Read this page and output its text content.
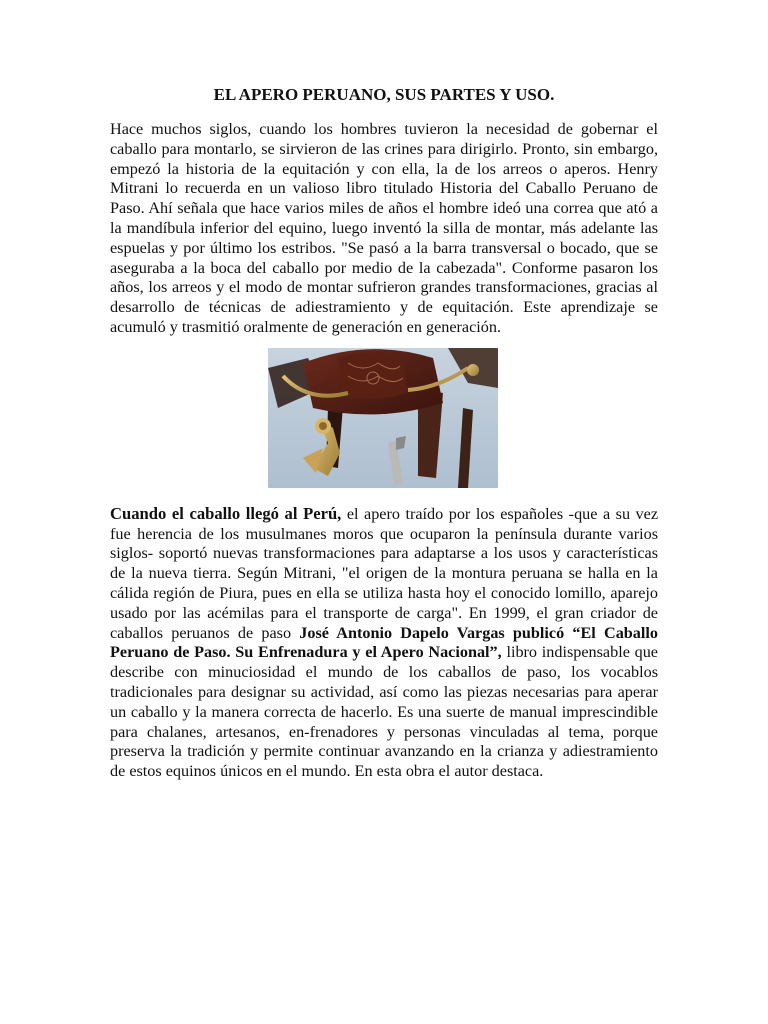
EL APERO PERUANO, SUS PARTES Y USO.

Hace muchos siglos, cuando los hombres tuvieron la necesidad de gobernar el caballo para montarlo, se sirvieron de las crines para dirigirlo. Pronto, sin embargo, empezó la historia de la equitación y con ella, la de los arreos o aperos. Henry Mitrani lo recuerda en un valioso libro titulado Historia del Caballo Peruano de Paso. Ahí señala que hace varios miles de años el hombre ideó una correa que ató a la mandíbula inferior del equino, luego inventó la silla de montar, más adelante las espuelas y por último los estribos. "Se pasó a la barra transversal o bocado, que se aseguraba a la boca del caballo por medio de la cabezada". Conforme pasaron los años, los arreos y el modo de montar sufrieron grandes transformaciones, gracias al desarrollo de técnicas de adiestramiento y de equitación. Este aprendizaje se acumuló y trasmitió oralmente de generación en generación.

Cuando el caballo llegó al Perú, el apero traído por los españoles -que a su vez fue herencia de los musulmanes moros que ocuparon la península durante varios siglos- soportó nuevas transformaciones para adaptarse a los usos y características de la nueva tierra. Según Mitrani, "el origen de la montura peruana se halla en la cálida región de Piura, pues en ella se utiliza hasta hoy el conocido lomillo, aparejo usado por las acémilas para el transporte de carga". En 1999, el gran criador de caballos peruanos de paso José Antonio Dapelo Vargas publicó “El Caballo Peruano de Paso. Su Enfrenadura y el Apero Nacional”, libro indispensable que describe con minuciosidad el mundo de los caballos de paso, los vocablos tradicionales para designar su actividad, así como las piezas necesarias para aperar un caballo y la manera correcta de hacerlo. Es una suerte de manual imprescindible para chalanes, artesanos, en-frenadores y personas vinculadas al tema, porque preserva la tradición y permite continuar avanzando en la crianza y adiestramiento de estos equinos únicos en el mundo. En esta obra el autor destaca.
